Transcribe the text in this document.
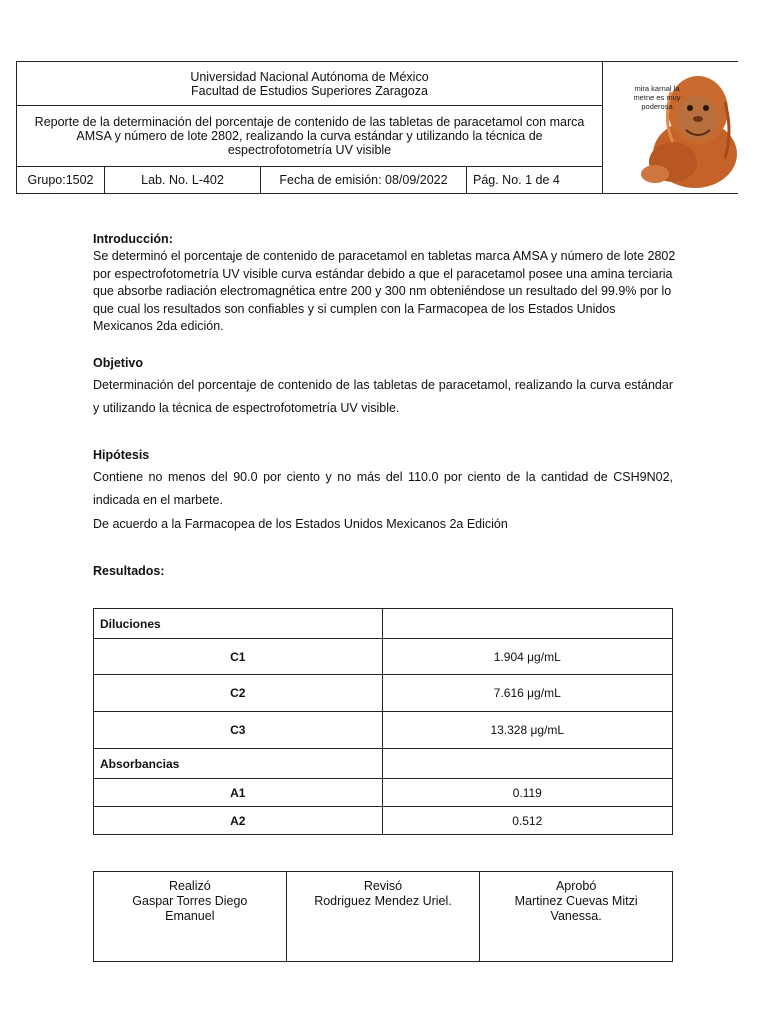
Universidad Nacional Autónoma de México
Facultad de Estudios Superiores Zaragoza
Reporte de la determinación del porcentaje de contenido de las tabletas de paracetamol con marca AMSA y número de lote 2802, realizando la curva estándar y utilizando la técnica de espectrofotometría UV visible
Grupo:1502	Lab. No. L-402	Fecha de emisión: 08/09/2022	Pág. No. 1 de 4
mira karnal la metne es muy poderosa
Introducción:
Se determinó el porcentaje de contenido de paracetamol en tabletas marca AMSA y número de lote 2802 por espectrofotometría UV visible curva estándar debido a que el paracetamol posee una amina terciaria que absorbe radiación electromagnética entre 200 y 300 nm obteniéndose un resultado del 99.9% por lo que cual los resultados son confiables y si cumplen con la Farmacopea de los Estados Unidos Mexicanos 2da edición.
Objetivo
Determinación del porcentaje de contenido de las tabletas de paracetamol, realizando la curva estándar y utilizando la técnica de espectrofotometría UV visible.
Hipótesis
Contiene no menos del 90.0 por ciento y no más del 110.0 por ciento de la cantidad de CSH9N02, indicada en el marbete.
De acuerdo a la Farmacopea de los Estados Unidos Mexicanos 2a Edición
Resultados:
Diluciones	
C1	1.904 μg/mL
C2	7.616 μg/mL
C3	13.328 μg/mL
Absorbancias	
A1	0.119
A2	0.512
Realizó
Gaspar Torres Diego Emanuel

Revisó
Rodriguez Mendez Uriel.

Aprobó
Martinez Cuevas Mitzi Vanessa.
